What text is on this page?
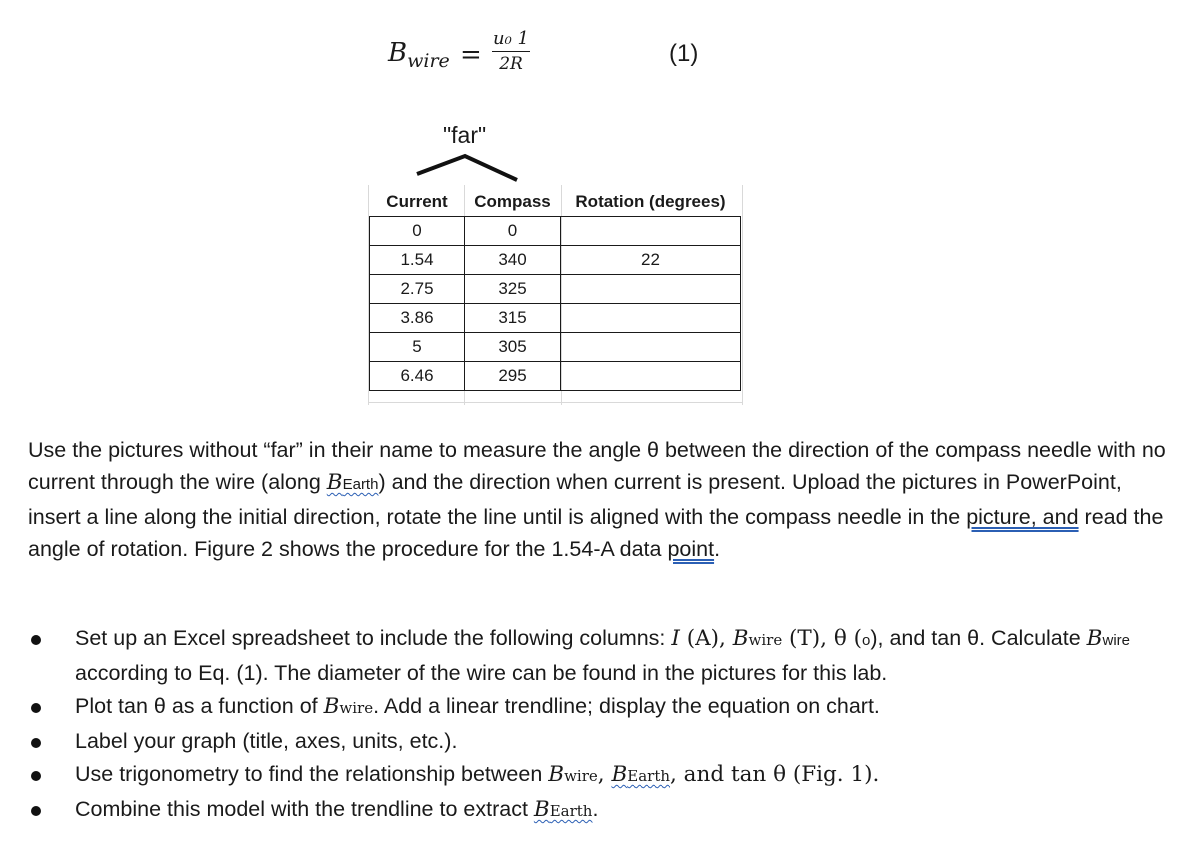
$B_{wire}$ =
u₀ 1
2R	(1)
"far"
Current	Compass	Rotation (degrees)
0	0	
1.54	340	22
2.75	325	
3.86	315	
5	305	
6.46	295	
Use the pictures without “far” in their name to measure the angle θ between the direction of the compass needle with no current through the wire (along BEarth) and the direction when current is present. Upload the pictures in PowerPoint, insert a line along the initial direction, rotate the line until is aligned with the compass needle in the picture, and read the angle of rotation. Figure 2 shows the procedure for the 1.54-A data point.
Set up an Excel spreadsheet to include the following columns: I (A), Bwire (T), θ (o), and tan θ. Calculate Bwire according to Eq. (1). The diameter of the wire can be found in the pictures for this lab.
Plot tan θ as a function of Bwire. Add a linear trendline; display the equation on chart.
Label your graph (title, axes, units, etc.).
Use trigonometry to find the relationship between Bwire, BEarth, and tan θ (Fig. 1).
Combine this model with the trendline to extract BEarth.
